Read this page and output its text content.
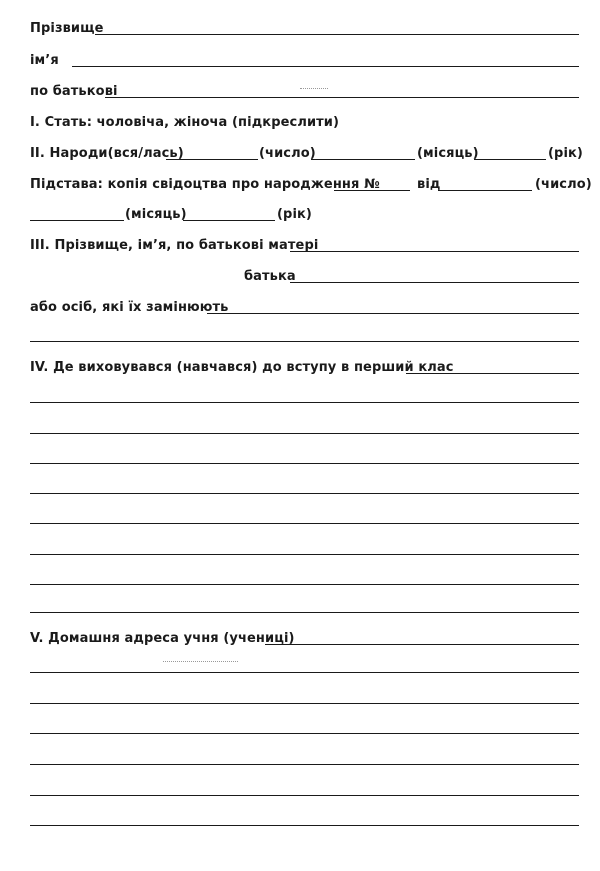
Прізвище
ім’я
по батькові
I. Стать: чоловіча, жіноча (підкреслити)
II. Народи(вся/лась)	(число)	(місяць)	(рік)
Підстава: копія свідоцтва про народження №	від	(число)
(місяць)	(рік)
III. Прізвище, ім’я, по батькові матері
батька
або осіб, які їх замінюють
IV. Де виховувався (навчався) до вступу в перший клас
V. Домашня адреса учня (учениці)
